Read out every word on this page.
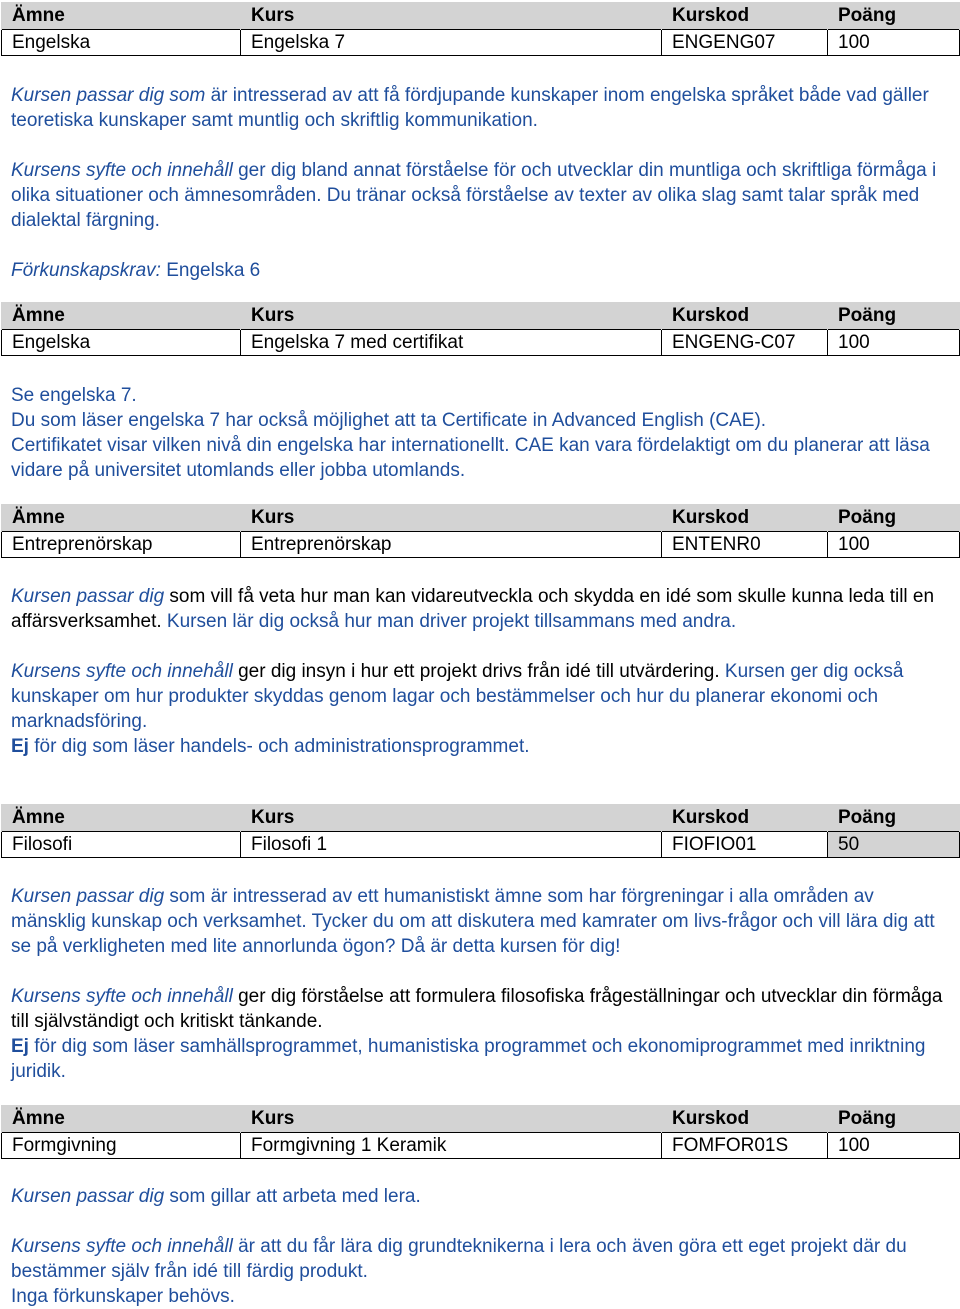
Ämne	Kurs	Kurskod	Poäng
Engelska	Engelska 7	ENGENG07	100

Kursen passar dig som är intresserad av att få fördjupande kunskaper inom engelska språket både vad gäller teoretiska kunskaper samt muntlig och skriftlig kommunikation.

Kursens syfte och innehåll ger dig bland annat förståelse för och utvecklar din muntliga och skriftliga förmåga i olika situationer och ämnesområden. Du tränar också förståelse av texter av olika slag samt talar språk med dialektal färgning.

Förkunskapskrav: Engelska 6

Ämne	Kurs	Kurskod	Poäng
Engelska	Engelska 7 med certifikat	ENGENG-C07	100

Se engelska 7.
Du som läser engelska 7 har också möjlighet att ta Certificate in Advanced English (CAE).
Certifikatet visar vilken nivå din engelska har internationellt. CAE kan vara fördelaktigt om du planerar att läsa vidare på universitet utomlands eller jobba utomlands.

Ämne	Kurs	Kurskod	Poäng
Entreprenörskap	Entreprenörskap	ENTENR0	100

Kursen passar dig som vill få veta hur man kan vidareutveckla och skydda en idé som skulle kunna leda till en affärsverksamhet. Kursen lär dig också hur man driver projekt tillsammans med andra.

Kursens syfte och innehåll ger dig insyn i hur ett projekt drivs från idé till utvärdering. Kursen ger dig också kunskaper om hur produkter skyddas genom lagar och bestämmelser och hur du planerar ekonomi och marknadsföring.
Ej för dig som läser handels- och administrationsprogrammet.

Ämne	Kurs	Kurskod	Poäng
Filosofi	Filosofi 1	FIOFIO01	50

Kursen passar dig som är intresserad av ett humanistiskt ämne som har förgreningar i alla områden av mänsklig kunskap och verksamhet. Tycker du om att diskutera med kamrater om livs-frågor och vill lära dig att se på verkligheten med lite annorlunda ögon? Då är detta kursen för dig!

Kursens syfte och innehåll ger dig förståelse att formulera filosofiska frågeställningar och utvecklar din förmåga till självständigt och kritiskt tänkande.
Ej för dig som läser samhällsprogrammet, humanistiska programmet och ekonomiprogrammet med inriktning juridik.

Ämne	Kurs	Kurskod	Poäng
Formgivning	Formgivning 1 Keramik	FOMFOR01S	100

Kursen passar dig som gillar att arbeta med lera.

Kursens syfte och innehåll är att du får lära dig grundteknikerna i lera och även göra ett eget projekt där du bestämmer själv från idé till färdig produkt.
Inga förkunskaper behövs.
